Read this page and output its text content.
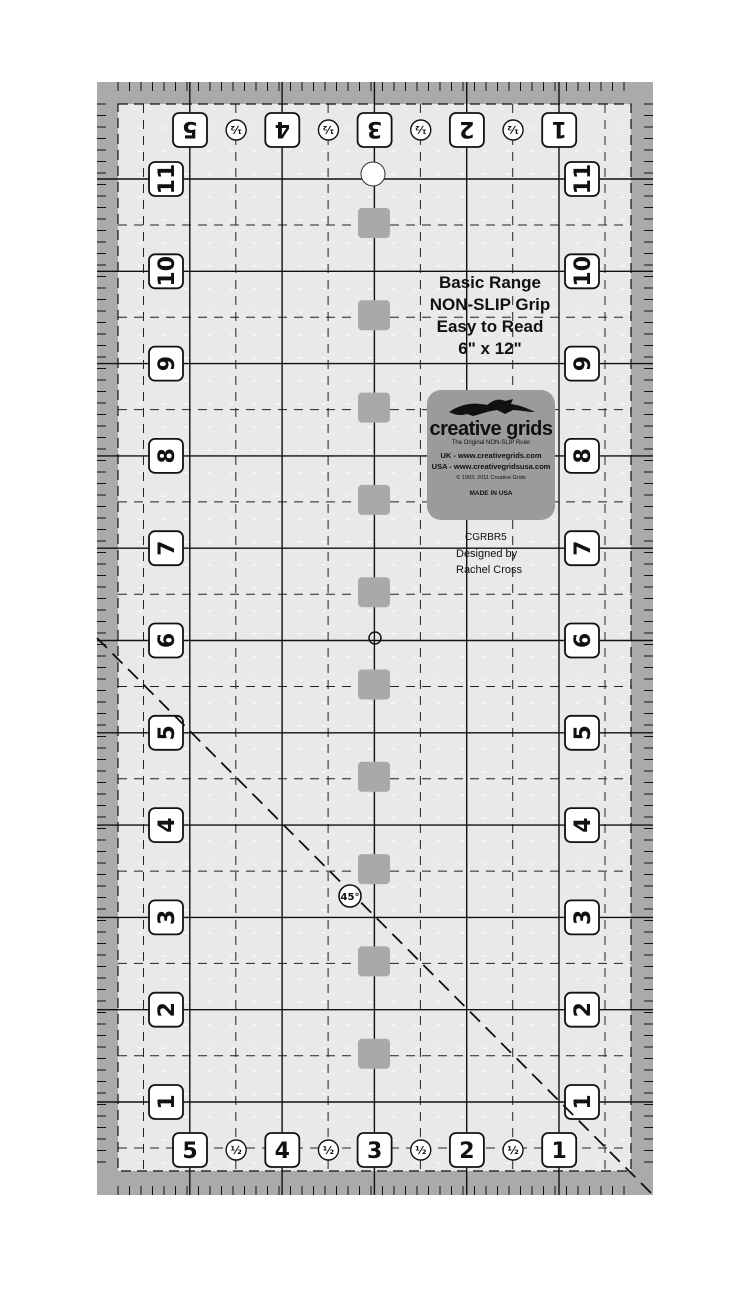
11	11
10	10
9	9
8	8
7	7
6	6
5	5
4	4
3	3
2	2
1	1
5	½ 4	½ 3	½ 2	½ 1
5	½ 4	½ 3	½ 2	½ 1
45°
Basic Range
NON-SLIP Grip
Easy to Read
6" x 12"
creative grids
The Original NON-SLIP Ruler
UK - www.creativegrids.com
USA - www.creativegridsusa.com
© 1993, 2011 Creative Grids
MADE IN USA
CGRBR5
Designed by
Rachel Cross
